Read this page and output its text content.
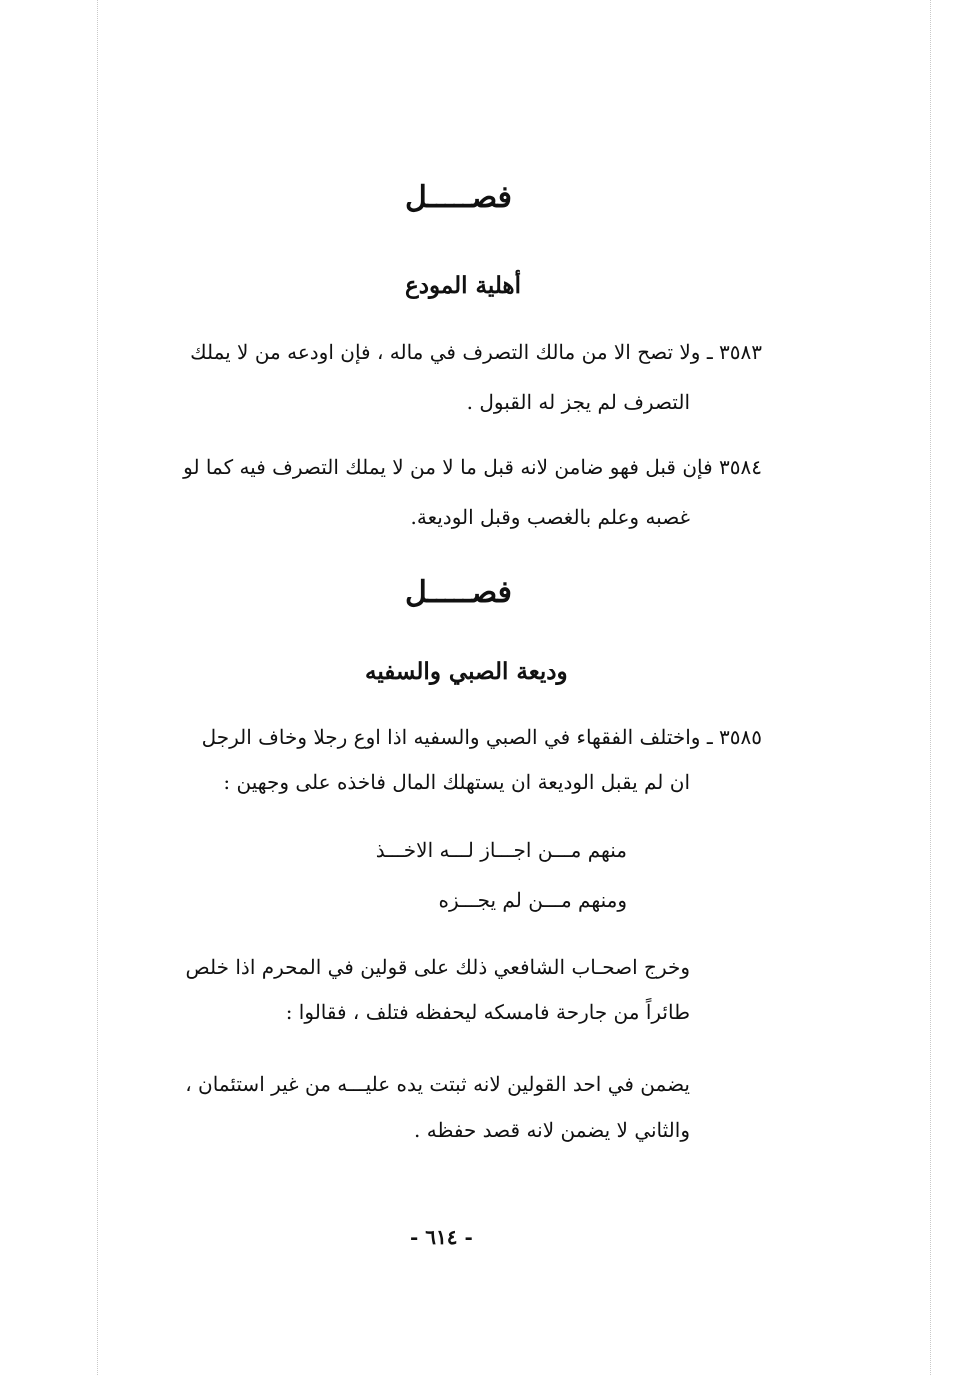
فصـــــل
أهلية المودع
٣٥٨٣ ـ ولا تصح الا من مالك التصرف في ماله ، فإن اودعه من لا يملك
التصرف لم يجز له القبول .
٣٥٨٤ فإن قبل فهو ضامن لانه قبل ما لا من لا يملك التصرف فيه كما لو
غصبه وعلم بالغصب وقبل الوديعة.
فصـــــل
وديعة الصبي والسفيه
٣٥٨٥ ـ واختلف الفقهاء في الصبي والسفيه اذا اوع رجلا وخاف الرجل
ان لم يقبل الوديعة ان يستهلك المال فاخذه على وجهين :
منهم مـــن اجـــاز لـــه الاخـــذ
ومنهم مـــن لم يجـــزه
وخرج اصحـاب الشافعي ذلك على قولين في المحرم اذا خلص
طائراً من جارحة فامسكه ليحفظه فتلف ، فقالوا :
يضمن في احد القولين لانه ثبتت يده عليـــه من غير استئمان ،
والثاني لا يضمن لانه قصد حفظه .
- ٦١٤ -
